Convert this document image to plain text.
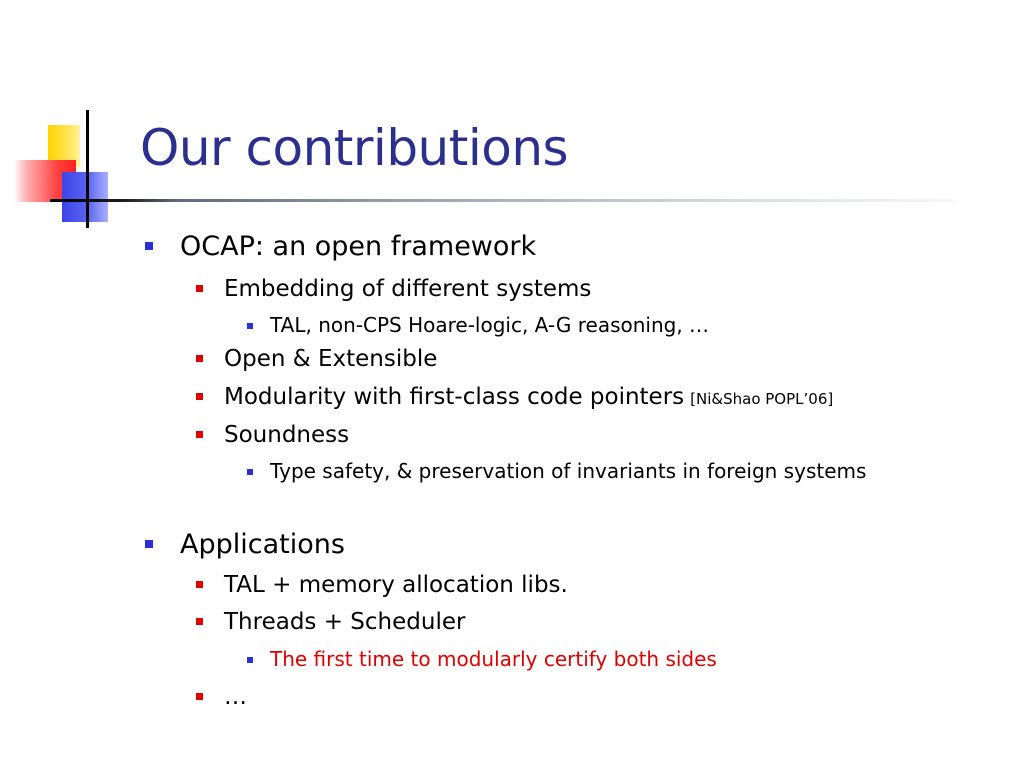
Our contributions
OCAP: an open framework
Embedding of different systems
TAL, non-CPS Hoare-logic, A-G reasoning, …
Open & Extensible
Modularity with first-class code pointers [Ni&Shao POPL’06]
Soundness
Type safety, & preservation of invariants in foreign systems
Applications
TAL + memory allocation libs.
Threads + Scheduler
The first time to modularly certify both sides
…
